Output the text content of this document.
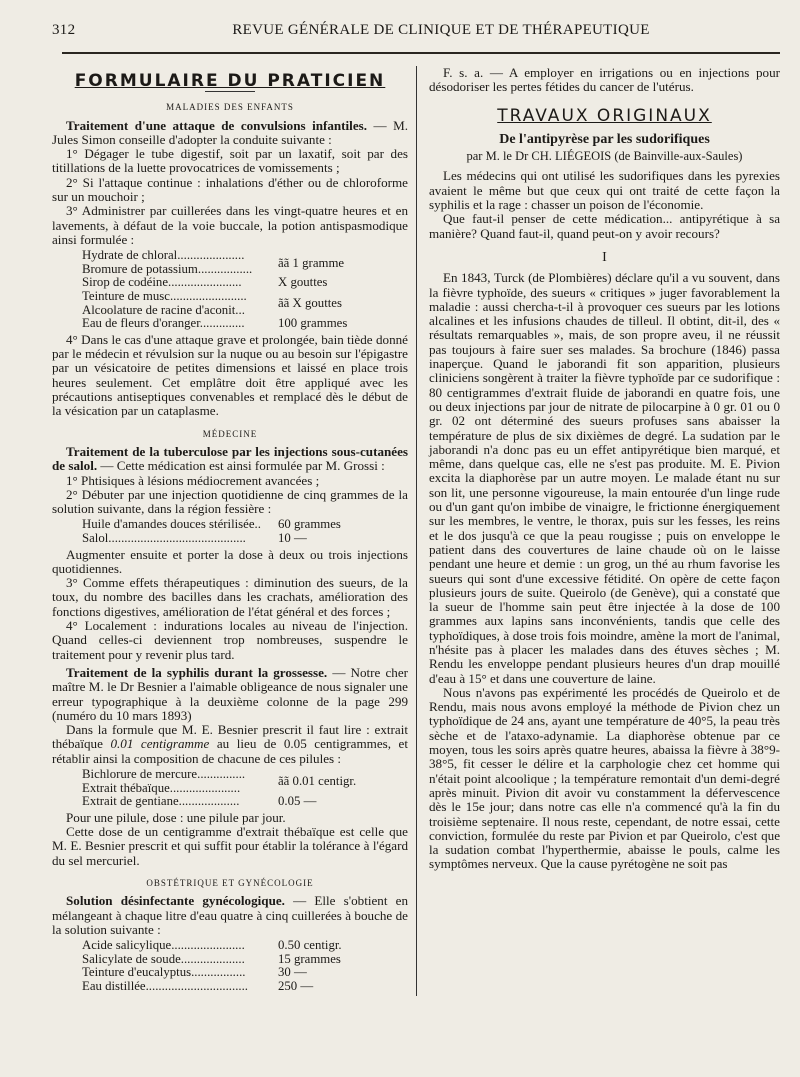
312	REVUE GÉNÉRALE DE CLINIQUE ET DE THÉRAPEUTIQUE
FORMULAIRE DU PRATICIEN
MALADIES DES ENFANTS

Traitement d'une attaque de convulsions infantiles. — M. Jules Simon conseille d'adopter la conduite suivante :

1° Dégager le tube digestif, soit par un laxatif, soit par des titillations de la luette provocatrices de vomissements ;

2° Si l'attaque continue : inhalations d'éther ou de chloroforme sur un mouchoir ;

3° Administrer par cuillerées dans les vingt-quatre heures et en lavements, à défaut de la voie buccale, la potion antispasmodique ainsi formulée :

Hydrate de chloral.....................
Bromure de potassium.................	ãã 1 gramme
Sirop de codéine.......................	X gouttes
Teinture de musc........................
Alcoolature de racine d'aconit...	ãã X gouttes
Eau de fleurs d'oranger..............	100 grammes

4° Dans le cas d'une attaque grave et prolongée, bain tiède donné par le médecin et révulsion sur la nuque ou au besoin sur l'épigastre par un vésicatoire de petites dimensions et laissé en place trois heures seulement. Cet emplâtre doit être appliqué avec les précautions antiseptiques convenables et remplacé dès le début de la vésication par un cataplasme.

MÉDECINE

Traitement de la tuberculose par les injections sous-cutanées de salol. — Cette médication est ainsi formulée par M. Grossi :

1° Phtisiques à lésions médiocrement avancées ;

2° Débuter par une injection quotidienne de cinq grammes de la solution suivante, dans la région fessière :

Huile d'amandes douces stérilisée..	60 grammes
Salol...........................................	10 —

Augmenter ensuite et porter la dose à deux ou trois injections quotidiennes.

3° Comme effets thérapeutiques : diminution des sueurs, de la toux, du nombre des bacilles dans les crachats, amélioration des fonctions digestives, amélioration de l'état général et des forces ;

4° Localement : indurations locales au niveau de l'injection. Quand celles-ci deviennent trop nombreuses, suspendre le traitement pour y revenir plus tard.

Traitement de la syphilis durant la grossesse. — Notre cher maître M. le Dr Besnier a l'aimable obligeance de nous signaler une erreur typographique à la deuxième colonne de la page 299 (numéro du 10 mars 1893)

Dans la formule que M. E. Besnier prescrit il faut lire : extrait thébaïque 0.01 centigramme au lieu de 0.05 centigrammes, et rétablir ainsi la composition de chacune de ces pilules :

Bichlorure de mercure...............
Extrait thébaïque......................	ãã 0.01 centigr.
Extrait de gentiane...................	0.05 —

Pour une pilule, dose : une pilule par jour.

Cette dose de un centigramme d'extrait thébaïque est celle que M. E. Besnier prescrit et qui suffit pour établir la tolérance à l'égard du sel mercuriel.

OBSTÉTRIQUE ET GYNÉCOLOGIE

Solution désinfectante gynécologique. — Elle s'obtient en mélangeant à chaque litre d'eau quatre à cinq cuillerées à bouche de la solution suivante :

Acide salicylique.......................	0.50 centigr.
Salicylate de soude....................	15 grammes
Teinture d'eucalyptus.................	30 —
Eau distillée................................	250 —

F. s. a. — A employer en irrigations ou en injections pour désodoriser les pertes fétides du cancer de l'utérus.

TRAVAUX ORIGINAUX
De l'antipyrèse par les sudorifiques
par M. le Dr CH. LIÉGEOIS (de Bainville-aux-Saules)

Les médecins qui ont utilisé les sudorifiques dans les pyrexies avaient le même but que ceux qui ont traité de cette façon la syphilis et la rage : chasser un poison de l'économie.

Que faut-il penser de cette médication... antipyrétique à sa manière? Quand faut-il, quand peut-on y avoir recours?

I

En 1843, Turck (de Plombières) déclare qu'il a vu souvent, dans la fièvre typhoïde, des sueurs « critiques » juger favorablement la maladie : aussi chercha-t-il à provoquer ces sueurs par les lotions alcalines et les infusions chaudes de tilleul. Il obtint, dit-il, des « résultats remarquables », mais, de son propre aveu, il ne réussit pas toujours à faire suer ses malades. Sa brochure (1846) passa inaperçue. Quand le jaborandi fit son apparition, plusieurs cliniciens songèrent à traiter la fièvre typhoïde par ce sudorifique : 80 centigrammes d'extrait fluide de jaborandi en quatre fois, une ou deux injections par jour de nitrate de pilocarpine à 0 gr. 01 ou 0 gr. 02 ont déterminé des sueurs profuses sans abaisser la température de plus de six dixièmes de degré. La sudation par le jaborandi n'a donc pas eu un effet antipyrétique bien marqué, et même, dans quelque cas, elle ne s'est pas produite. M. E. Pivion excita la diaphorèse par un autre moyen. Le malade étant nu sur son lit, une personne vigoureuse, la main entourée d'un linge rude ou d'un gant qu'on imbibe de vinaigre, le frictionne énergiquement sur les membres, le ventre, le thorax, puis sur les fesses, les reins et le dos jusqu'à ce que la peau rougisse ; puis on enveloppe le patient dans des couvertures de laine chaude où on le laisse pendant une heure et demie : un grog, un thé au rhum favorise les sueurs qui sont d'une excessive fétidité. On opère de cette façon plusieurs jours de suite. Queirolo (de Genève), qui a constaté que la sueur de l'homme sain peut être injectée à la dose de 100 grammes aux lapins sans inconvénients, tandis que celle des typhoïdiques, à dose trois fois moindre, amène la mort de l'animal, n'hésite pas à placer les malades dans des étuves sèches ; M. Rendu les enveloppe pendant plusieurs heures d'un drap mouillé d'eau à 15° et dans une couverture de laine.

Nous n'avons pas expérimenté les procédés de Queirolo et de Rendu, mais nous avons employé la méthode de Pivion chez un typhoïdique de 24 ans, ayant une température de 40°5, la peau très sèche et de l'ataxo-adynamie. La diaphorèse obtenue par ce moyen, tous les soirs après quatre heures, abaissa la fièvre à 38°9-38°5, fit cesser le délire et la carphologie chez cet homme qui n'était point alcoolique ; la température remontait d'un demi-degré après minuit. Pivion dit avoir vu constamment la défervescence dès le 15e jour; dans notre cas elle n'a commencé qu'à la fin du troisième septenaire. Il nous reste, cependant, de notre essai, cette conviction, formulée du reste par Pivion et par Queirolo, c'est que la sudation combat l'hyperthermie, abaisse le pouls, calme les symptômes nerveux. Que la cause pyrétogène ne soit pas
